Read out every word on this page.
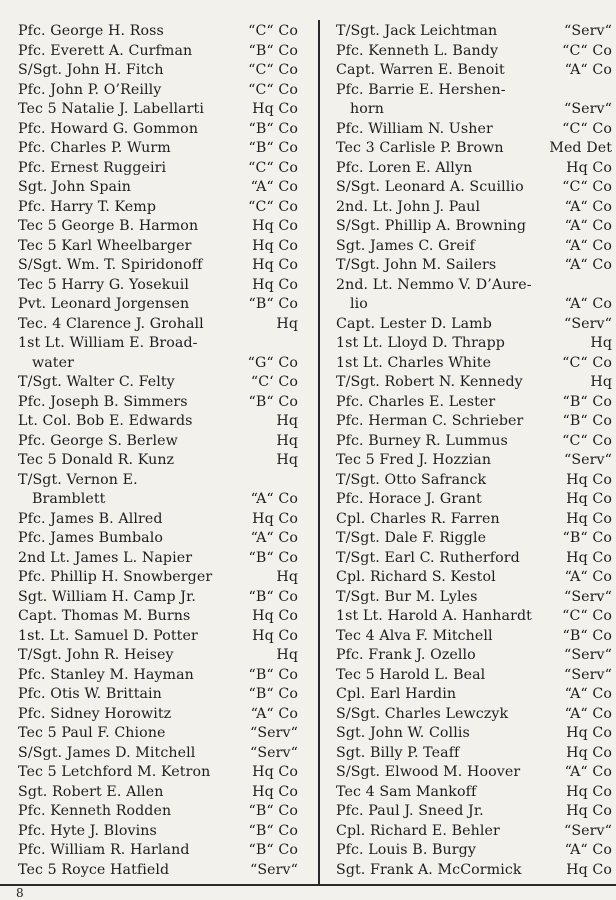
Pfc. George H. Ross	“C“ Co
Pfc. Everett A. Curfman	“B“ Co
S/Sgt. John H. Fitch	“C“ Co
Pfc. John P. O’Reilly	“C“ Co
Tec 5 Natalie J. Labellarti	Hq Co
Pfc. Howard G. Gommon	“B“ Co
Pfc. Charles P. Wurm	“B“ Co
Pfc. Ernest Ruggeiri	“C“ Co
Sgt. John Spain	“A“ Co
Pfc. Harry T. Kemp	“C“ Co
Tec 5 George B. Harmon	Hq Co
Tec 5 Karl Wheelbarger	Hq Co
S/Sgt. Wm. T. Spiridonoff	Hq Co
Tec 5 Harry G. Yosekuil	Hq Co
Pvt. Leonard Jorgensen	“B“ Co
Tec. 4 Clarence J. Grohall	Hq
1st Lt. William E. Broad-
water	“G“ Co
T/Sgt. Walter C. Felty	“C‘ Co
Pfc. Joseph B. Simmers	“B“ Co
Lt. Col. Bob E. Edwards	Hq
Pfc. George S. Berlew	Hq
Tec 5 Donald R. Kunz	Hq
T/Sgt. Vernon E.
Bramblett	“A“ Co
Pfc. James B. Allred	Hq Co
Pfc. James Bumbalo	“A“ Co
2nd Lt. James L. Napier	“B“ Co
Pfc. Phillip H. Snowberger	Hq
Sgt. William H. Camp Jr.	“B“ Co
Capt. Thomas M. Burns	Hq Co
1st. Lt. Samuel D. Potter	Hq Co
T/Sgt. John R. Heisey	Hq
Pfc. Stanley M. Hayman	“B“ Co
Pfc. Otis W. Brittain	“B“ Co
Pfc. Sidney Horowitz	“A“ Co
Tec 5 Paul F. Chione	“Serv“
S/Sgt. James D. Mitchell	“Serv“
Tec 5 Letchford M. Ketron	Hq Co
Sgt. Robert E. Allen	Hq Co
Pfc. Kenneth Rodden	“B“ Co
Pfc. Hyte J. Blovins	“B“ Co
Pfc. William R. Harland	“B“ Co
Tec 5 Royce Hatfield	“Serv“
T/Sgt. Jack Leichtman	“Serv“
Pfc. Kenneth L. Bandy	“C“ Co
Capt. Warren E. Benoit	“A“ Co
Pfc. Barrie E. Hershen-
horn	“Serv“
Pfc. William N. Usher	“C“ Co
Tec 3 Carlisle P. Brown	Med Det
Pfc. Loren E. Allyn	Hq Co
S/Sgt. Leonard A. Scuillio	“C“ Co
2nd. Lt. John J. Paul	“A“ Co
S/Sgt. Phillip A. Browning	“A“ Co
Sgt. James C. Greif	“A“ Co
T/Sgt. John M. Sailers	“A“ Co
2nd. Lt. Nemmo V. D’Aure-
lio	“A“ Co
Capt. Lester D. Lamb	“Serv“
1st Lt. Lloyd D. Thrapp	Hq
1st Lt. Charles White	“C“ Co
T/Sgt. Robert N. Kennedy	Hq
Pfc. Charles E. Lester	“B“ Co
Pfc. Herman C. Schrieber	“B“ Co
Pfc. Burney R. Lummus	“C“ Co
Tec 5 Fred J. Hozzian	“Serv“
T/Sgt. Otto Safranck	Hq Co
Pfc. Horace J. Grant	Hq Co
Cpl. Charles R. Farren	Hq Co
T/Sgt. Dale F. Riggle	“B“ Co
T/Sgt. Earl C. Rutherford	Hq Co
Cpl. Richard S. Kestol	“A“ Co
T/Sgt. Bur M. Lyles	“Serv“
1st Lt. Harold A. Hanhardt	“C“ Co
Tec 4 Alva F. Mitchell	“B“ Co
Pfc. Frank J. Ozello	“Serv“
Tec 5 Harold L. Beal	“Serv“
Cpl. Earl Hardin	“A“ Co
S/Sgt. Charles Lewczyk	“A“ Co
Sgt. John W. Collis	Hq Co
Sgt. Billy P. Teaff	Hq Co
S/Sgt. Elwood M. Hoover	“A“ Co
Tec 4 Sam Mankoff	Hq Co
Pfc. Paul J. Sneed Jr.	Hq Co
Cpl. Richard E. Behler	“Serv“
Pfc. Louis B. Burgy	“A“ Co
Sgt. Frank A. McCormick	Hq Co
8
